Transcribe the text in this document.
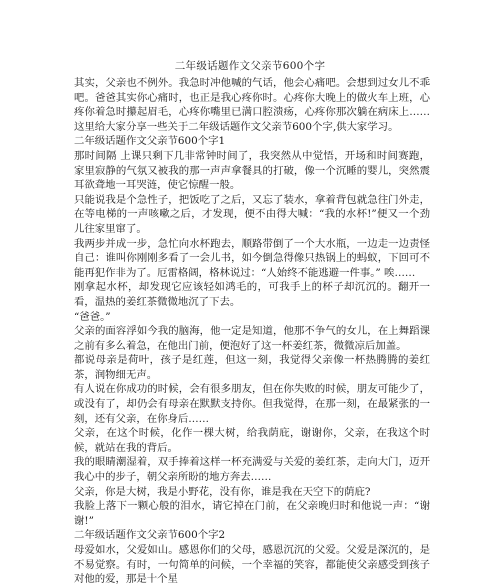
二年级话题作文父亲节600个字

其实，父亲也不例外。我急时冲他喊的气话，他会心痛吧。会想到过女儿不乖吧。爸爸其实你心痛时，也正是我心疼你时。心疼你大晚上的做火车上班，心疼你着急时攥起眉毛，心疼你嘴里已满口腔溃疡，心疼你那次躺在病床上……这里给大家分享一些关于二年级话题作文父亲节600个字,供大家学习。

二年级话题作文父亲节600个字1

那时间隔 上课只剩下几非常钟时间了，我突然从中觉悟，开场和时间赛跑，家里寂静的气氛又被我的那一声声拿餐具的打破，像一个沉睡的婴儿，突然震耳欲聋地一耳哭涟，使它惊醒一般。

只能说我是个急性子，把饭吃了之后，又忘了装水，拿着背包就急往门外走，在等电梯的一声咳嗽之后，才发现，便不由得大喊：“我的水杯!”便又一个劲儿往家里窜了。

我两步并成一步，急忙向水杯跑去，顺路带倒了一个大水瓶，一边走一边责怪自己：谁叫你刚刚多看了一会儿书，如今倒急得像只热锅上的蚂蚁，下回可不能再犯作非为了。厄雷格阔，格林说过：“人始终不能逃避一件事。” 唉……

刚拿起水杯，却发现它应该轻如鸿毛的，可我手上的杯子却沉沉的。翻开一看，温热的姜红茶微微地沉了下去。

“爸爸。”

父亲的面容浮如今我的脑海，他一定是知道，他那不争气的女儿，在上舞蹈课之前有多么着急，在他出门前，便泡好了这一杯姜红茶，微微凉后加盖。

都说母亲是荷叶，孩子是红莲，但这一刻，我觉得父亲像一杯热腾腾的姜红茶，润物细无声。

有人说在你成功的时候，会有很多朋友，但在你失败的时候，朋友可能少了，或没有了，却仍会有母亲在默默支持你。但我觉得，在那一刻，在最紧张的一刻，还有父亲，在你身后……

父亲，在这个时候，化作一棵大树，给我荫庇，谢谢你，父亲，在我这个时候，就站在我的背后。

我的眼睛潮湿着，双手捧着这样一杯充满爱与关爱的姜红茶，走向大门，迈开我心中的步子，朝父亲所盼的地方奔去……

父亲，你是大树，我是小野花，没有你，谁是我在天空下的荫庇?

我脸上落下一颗心般的泪水，请它掉在门前，在父亲晚归时和他说一声：“谢谢!”

二年级话题作文父亲节600个字2

母爱如水，父爱如山。感恩你们的父母，感恩沉沉的父爱。父爱是深沉的，是不易觉察。有时，一句简单的问候，一个幸福的笑容，都能使父亲感受到孩子对他的爱，那是十个星
